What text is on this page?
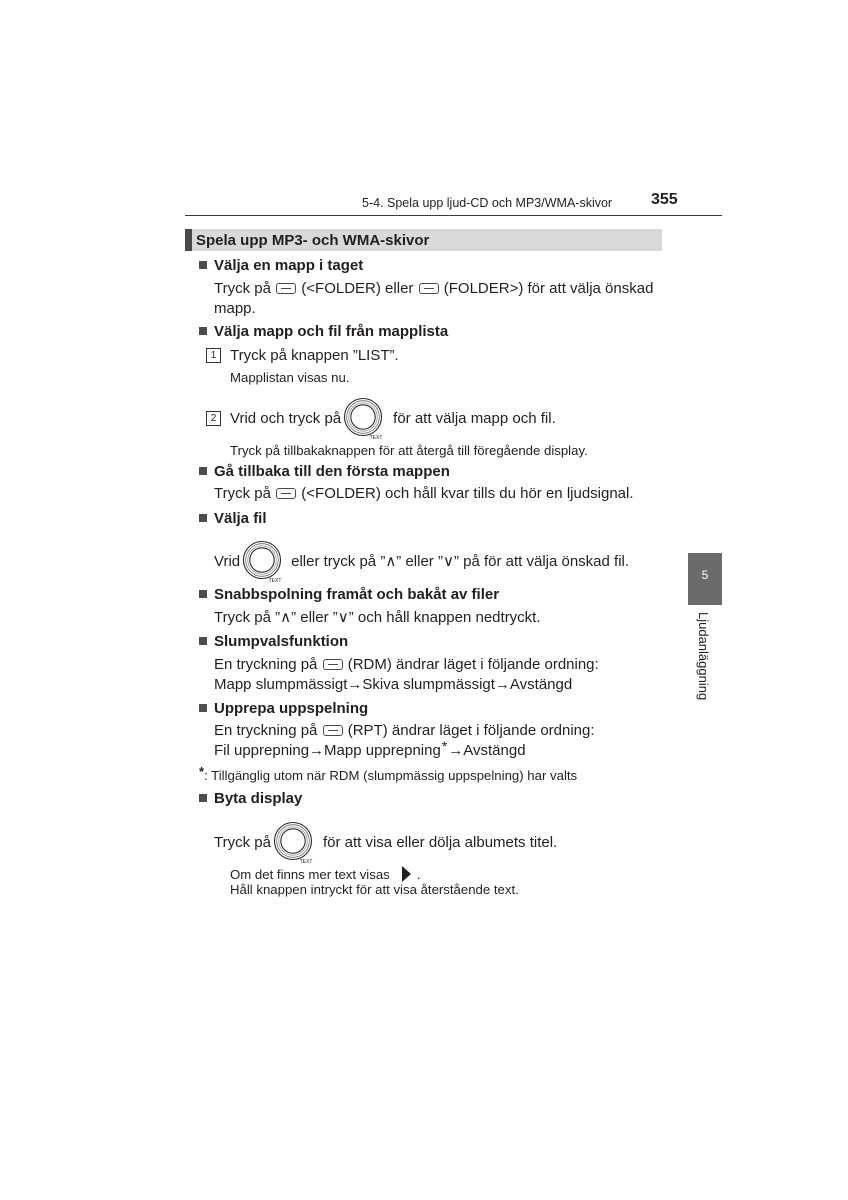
5-4. Spela upp ljud-CD och MP3/WMA-skivor 355
Spela upp MP3- och WMA-skivor
5
Ljudanläggning
Välja en mapp i taget
Tryck på (<FOLDER) eller (FOLDER>) för att välja önskad
mapp.
Välja mapp och fil från mapplista
1 Tryck på knappen ”LIST”.
Mapplistan visas nu.
2 Vrid och tryck på
TEXT
för att välja mapp och fil.
Tryck på tillbakaknappen för att återgå till föregående display.
Gå tillbaka till den första mappen
Tryck på (<FOLDER) och håll kvar tills du hör en ljudsignal.
Välja fil
Vrid
TEXT
eller tryck på ”∧” eller ”∨” på för att välja önskad fil.
Snabbspolning framåt och bakåt av filer
Tryck på ”∧” eller ”∨” och håll knappen nedtryckt.
Slumpvalsfunktion
En tryckning på (RDM) ändrar läget i följande ordning:
Mapp slumpmässigt→Skiva slumpmässigt→Avstängd
Upprepa uppspelning
En tryckning på (RPT) ändrar läget i följande ordning:
Fil upprepning→Mapp upprepning*→Avstängd
* : Tillgänglig utom när RDM (slumpmässig uppspelning) har valts
Byta display
Tryck på
TEXT
för att visa eller dölja albumets titel.
Om det finns mer text visas .
Håll knappen intryckt för att visa återstående text.
